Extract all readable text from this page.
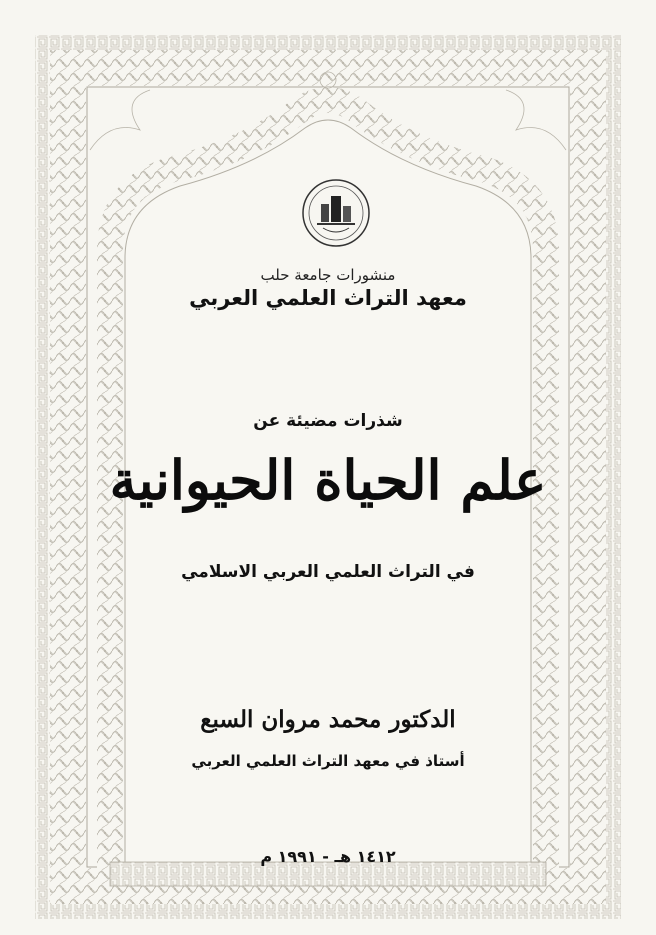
منشورات جامعة حلب
معهد التراث العلمي العربي
شذرات مضيئة عن
علم الحياة الحيوانية
في التراث العلمي العربي الاسلامي
الدكتور محمد مروان السبع
أستاذ في معهد التراث العلمي العربي
١٤١٢ هـ - ١٩٩١ م
